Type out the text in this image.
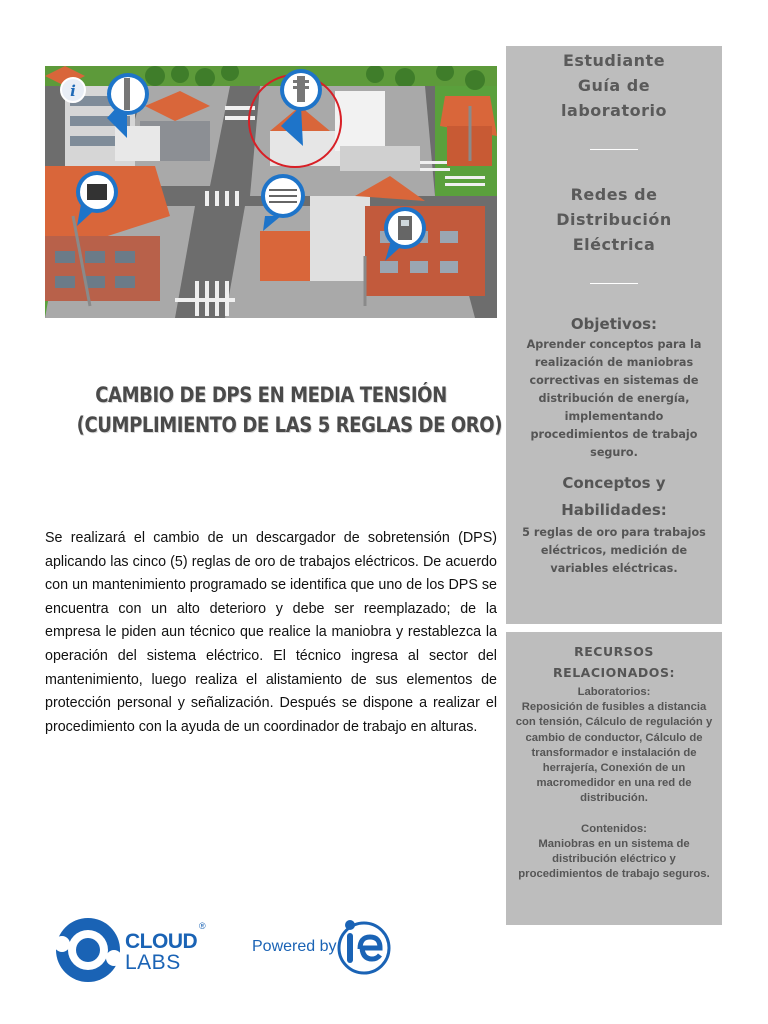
i
CAMBIO DE DPS EN MEDIA TENSIÓN
(CUMPLIMIENTO DE LAS 5 REGLAS DE ORO)
Se realizará el cambio de un descargador de sobretensión (DPS) aplicando las cinco (5) reglas de oro de trabajos eléctricos. De acuerdo con un mantenimiento programado se identifica que uno de los DPS se encuentra con un alto deterioro y debe ser reemplazado; de la empresa le piden aun técnico que realice la maniobra y restablezca la operación del sistema eléctrico. El técnico ingresa al sector del mantenimiento, luego realiza el alistamiento de sus elementos de protección personal y señalización. Después se dispone a realizar el procedimiento con la ayuda de un coordinador de trabajo en alturas.
Estudiante
Guía de
laboratorio
Redes de
Distribución
Eléctrica
Objetivos:
Aprender conceptos para la realización de maniobras correctivas en sistemas de distribución de energía, implementando procedimientos de trabajo seguro.
Conceptos y
Habilidades:
5 reglas de oro para trabajos eléctricos, medición de variables eléctricas.
RECURSOS
RELACIONADOS:
Laboratorios:
Reposición de fusibles a distancia con tensión, Cálculo de regulación y cambio de conductor, Cálculo de transformador e instalación de herrajería, Conexión de un macromedidor en una red de distribución.
Contenidos:
Maniobras en un sistema de distribución eléctrico y procedimientos de trabajo seguros.
CLOUD
LABS
®
Powered by
